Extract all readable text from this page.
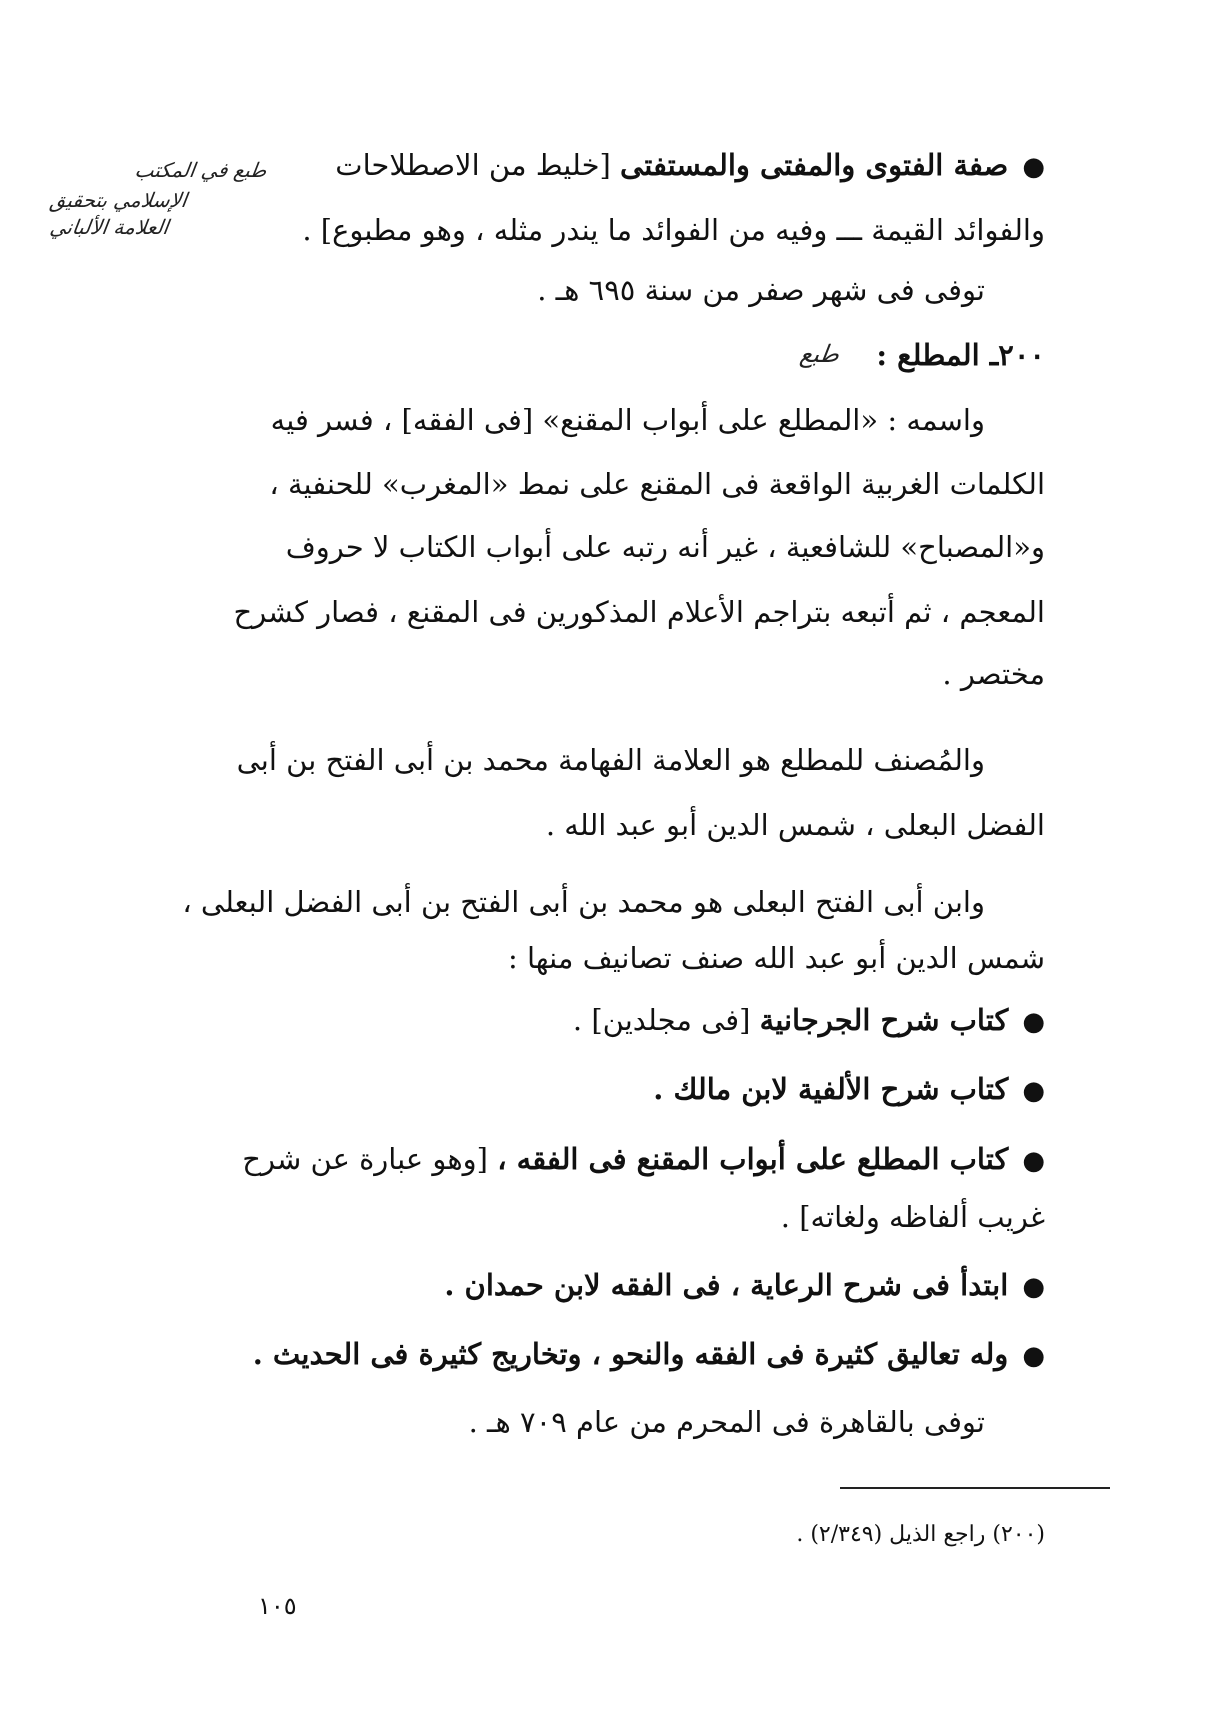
●صفة الفتوى والمفتى والمستفتى [خليط من الاصطلاحات
والفوائد القيمة ـــ وفيه من الفوائد ما يندر مثله ، وهو مطبوع] .
توفى فى شهر صفر من سنة ٦٩٥ هـ .
طبع في المكتب
الإسلامي بتحقيق
العلامة الألباني
٢٠٠ـ المطلع :
طبع
واسمه : «المطلع على أبواب المقنع» [فى الفقه] ، فسر فيه
الكلمات الغربية الواقعة فى المقنع على نمط «المغرب» للحنفية ،
و«المصباح» للشافعية ، غير أنه رتبه على أبواب الكتاب لا حروف
المعجم ، ثم أتبعه بتراجم الأعلام المذكورين فى المقنع ، فصار كشرح
مختصر .
والمُصنف للمطلع هو العلامة الفهامة محمد بن أبى الفتح بن أبى
الفضل البعلى ، شمس الدين أبو عبد الله .
وابن أبى الفتح البعلى هو محمد بن أبى الفتح بن أبى الفضل البعلى ،
شمس الدين أبو عبد الله صنف تصانيف منها :
●كتاب شرح الجرجانية [فى مجلدين] .
●كتاب شرح الألفية لابن مالك .
●كتاب المطلع على أبواب المقنع فى الفقه ، [وهو عبارة عن شرح
غريب ألفاظه ولغاته] .
●ابتدأ فى شرح الرعاية ، فى الفقه لابن حمدان .
●وله تعاليق كثيرة فى الفقه والنحو ، وتخاريج كثيرة فى الحديث .
توفى بالقاهرة فى المحرم من عام ٧٠٩ هـ .
(٢٠٠) راجع الذيل (٢/٣٤٩) .
١٠٥
